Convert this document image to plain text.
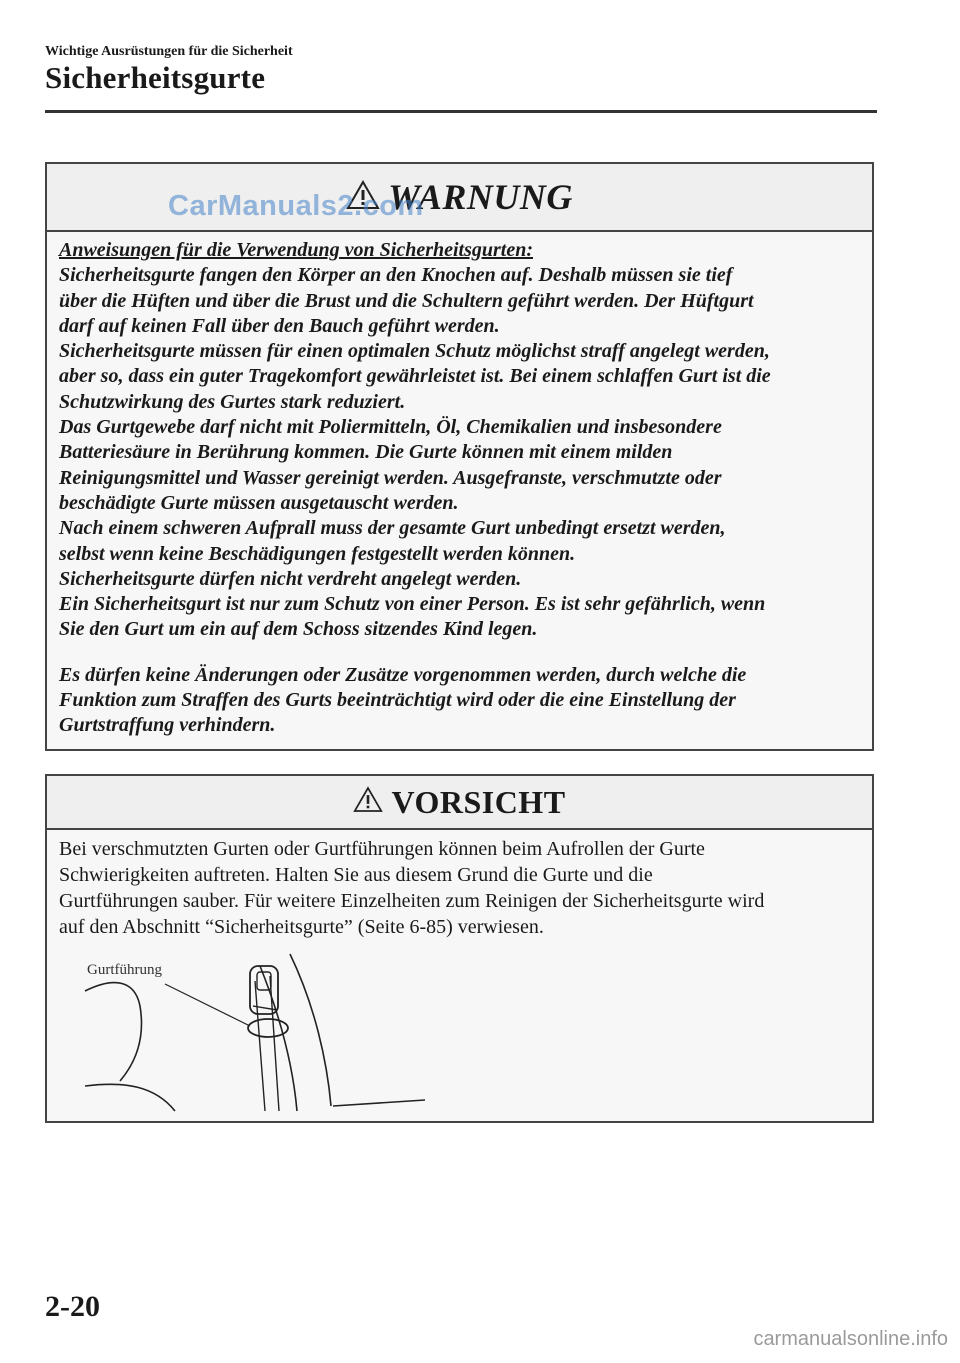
Wichtige Ausrüstungen für die Sicherheit
Sicherheitsgurte
WARNUNG
Anweisungen für die Verwendung von Sicherheitsgurten:
Sicherheitsgurte fangen den Körper an den Knochen auf. Deshalb müssen sie tief
über die Hüften und über die Brust und die Schultern geführt werden. Der Hüftgurt
darf auf keinen Fall über den Bauch geführt werden.
Sicherheitsgurte müssen für einen optimalen Schutz möglichst straff angelegt werden,
aber so, dass ein guter Tragekomfort gewährleistet ist. Bei einem schlaffen Gurt ist die
Schutzwirkung des Gurtes stark reduziert.
Das Gurtgewebe darf nicht mit Poliermitteln, Öl, Chemikalien und insbesondere
Batteriesäure in Berührung kommen. Die Gurte können mit einem milden
Reinigungsmittel und Wasser gereinigt werden. Ausgefranste, verschmutzte oder
beschädigte Gurte müssen ausgetauscht werden.
Nach einem schweren Aufprall muss der gesamte Gurt unbedingt ersetzt werden,
selbst wenn keine Beschädigungen festgestellt werden können.
Sicherheitsgurte dürfen nicht verdreht angelegt werden.
Ein Sicherheitsgurt ist nur zum Schutz von einer Person. Es ist sehr gefährlich, wenn
Sie den Gurt um ein auf dem Schoss sitzendes Kind legen.
Es dürfen keine Änderungen oder Zusätze vorgenommen werden, durch welche die
Funktion zum Straffen des Gurts beeinträchtigt wird oder die eine Einstellung der
Gurtstraffung verhindern.
CarManuals2.com
VORSICHT
Bei verschmutzten Gurten oder Gurtführungen können beim Aufrollen der Gurte
Schwierigkeiten auftreten. Halten Sie aus diesem Grund die Gurte und die
Gurtführungen sauber. Für weitere Einzelheiten zum Reinigen der Sicherheitsgurte wird
auf den Abschnitt “Sicherheitsgurte” (Seite 6-85) verwiesen.
Gurtführung
2-20
carmanualsonline.info
